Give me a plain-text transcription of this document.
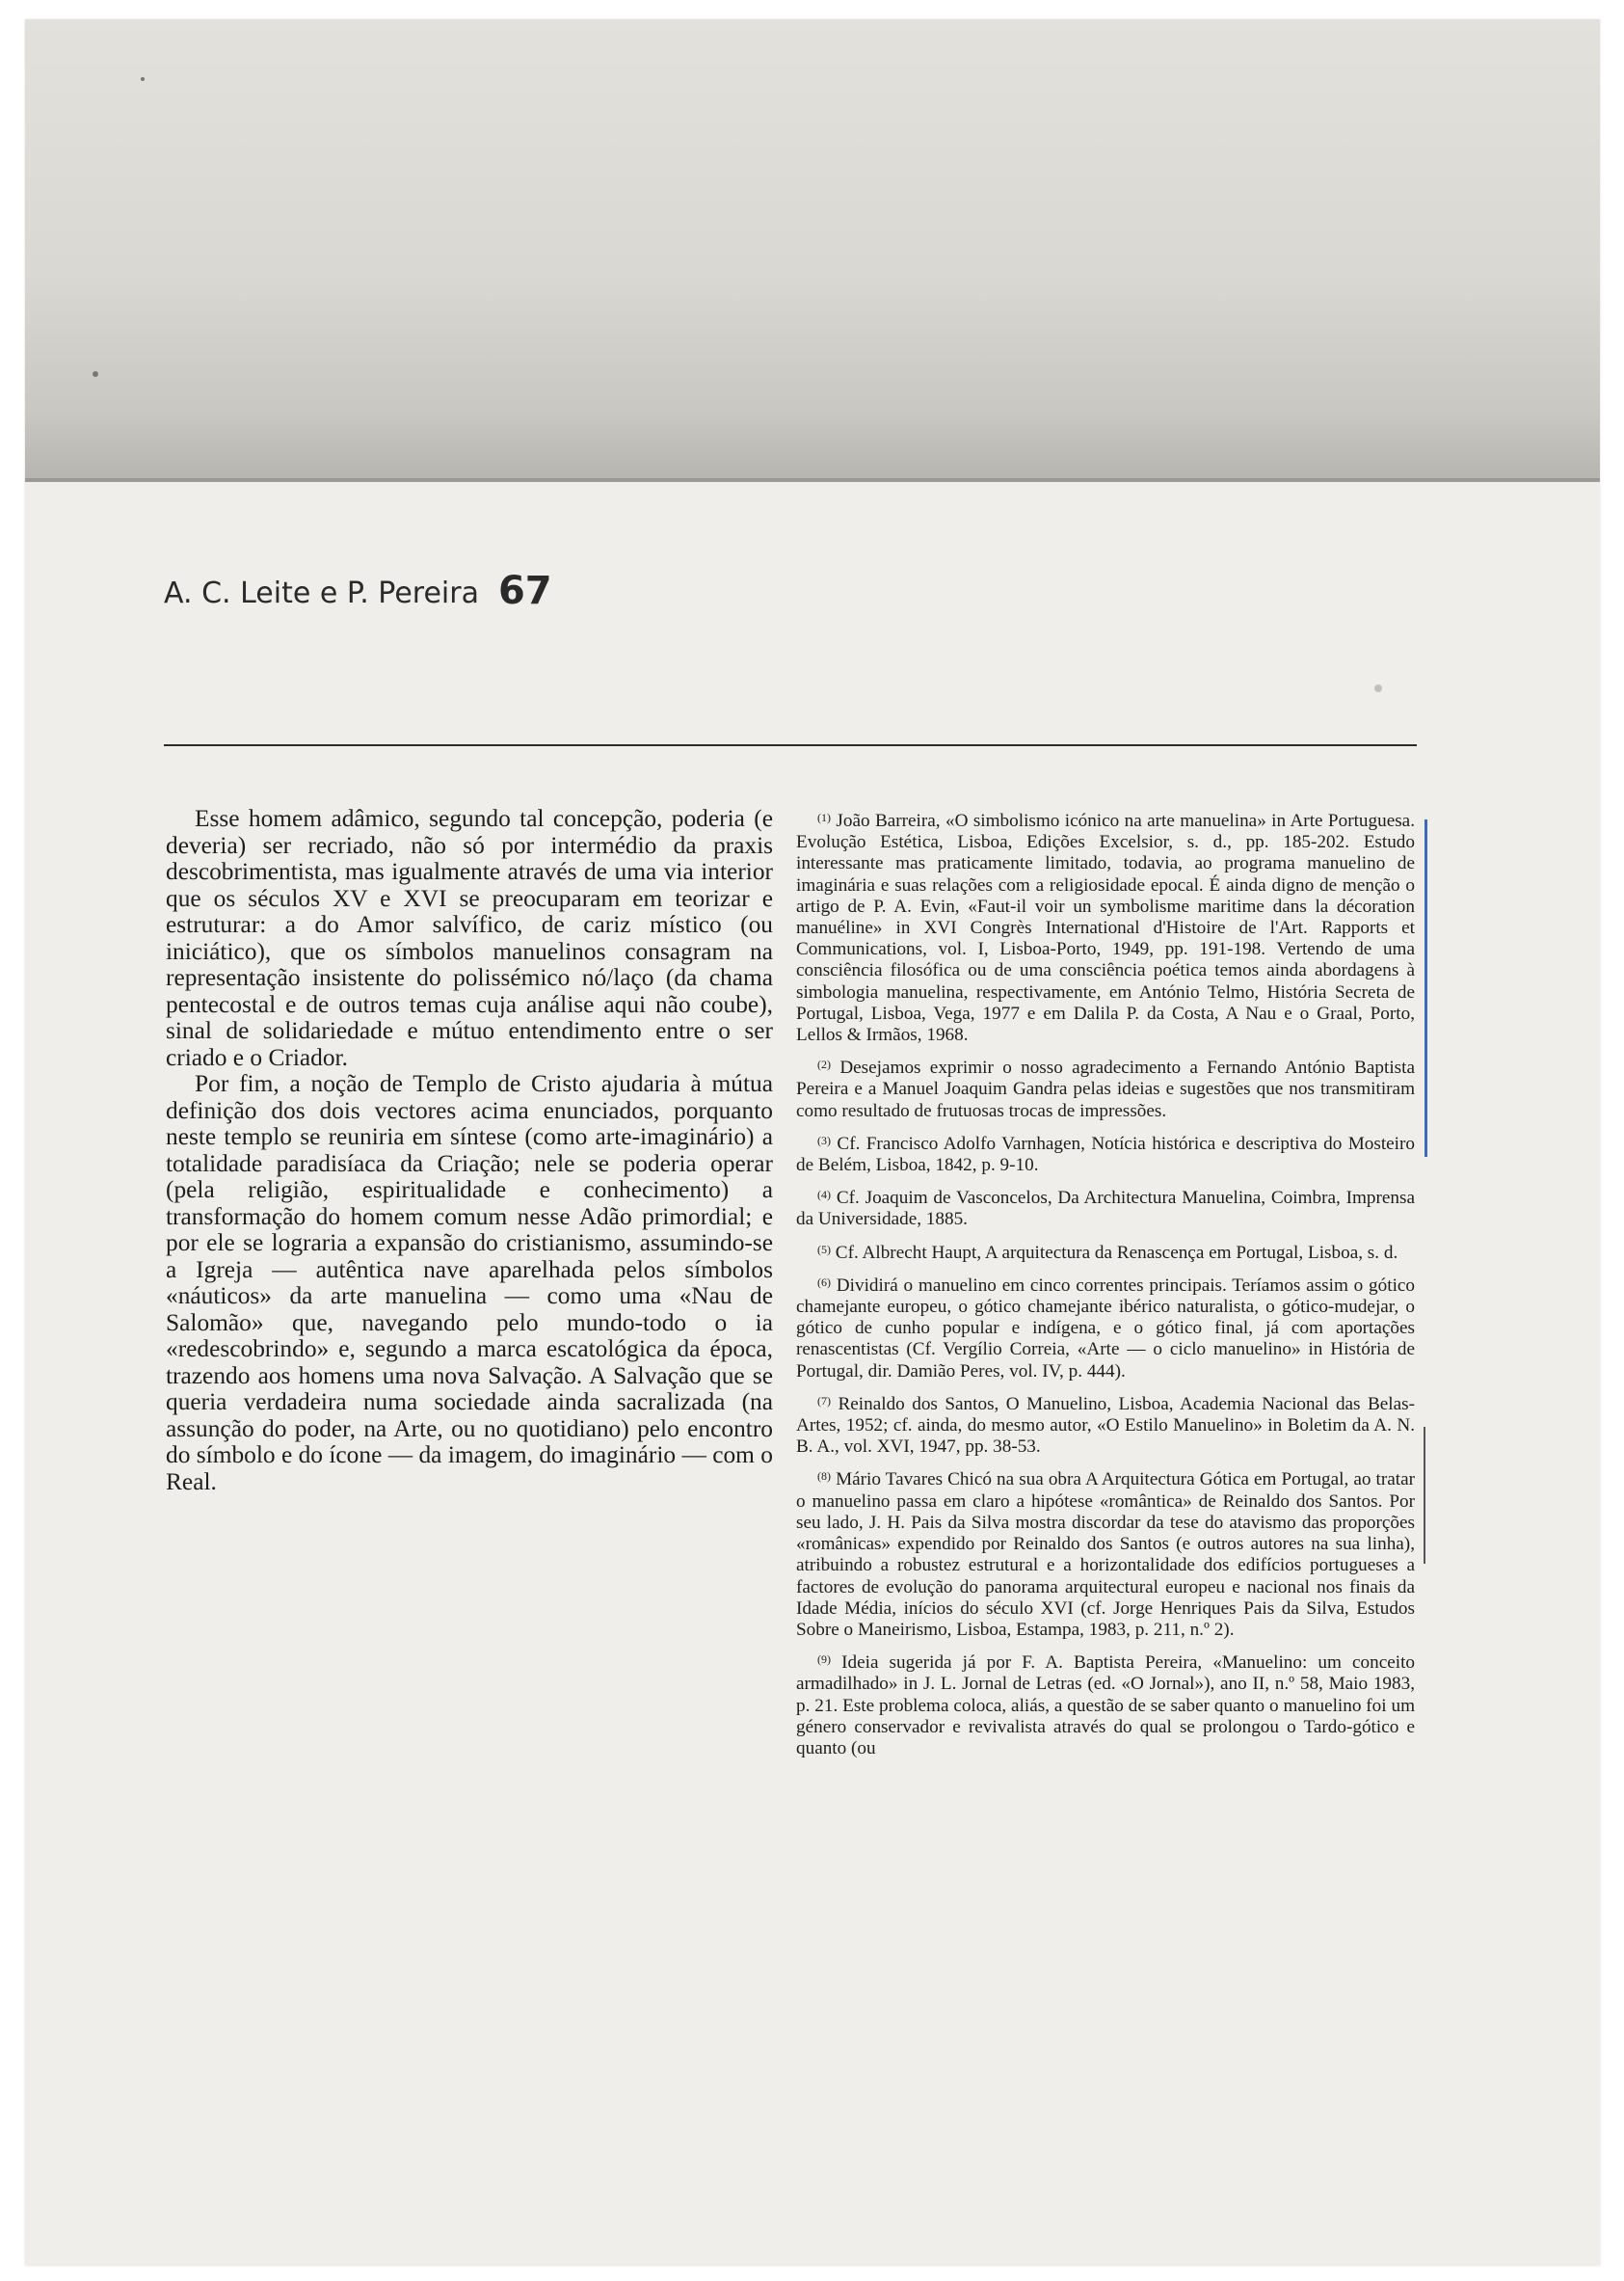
A. C. Leite e P. Pereira 67

Esse homem adâmico, segundo tal concepção, poderia (e deveria) ser recriado, não só por intermédio da praxis descobrimentista, mas igualmente através de uma via interior que os séculos XV e XVI se preocuparam em teorizar e estruturar: a do Amor salvífico, de cariz místico (ou iniciático), que os símbolos manuelinos consagram na representação insistente do polissémico nó/laço (da chama pentecostal e de outros temas cuja análise aqui não coube), sinal de solidariedade e mútuo entendimento entre o ser criado e o Criador.

Por fim, a noção de Templo de Cristo ajudaria à mútua definição dos dois vectores acima enunciados, porquanto neste templo se reuniria em síntese (como arte-imaginário) a totalidade paradisíaca da Criação; nele se poderia operar (pela religião, espiritualidade e conhecimento) a transformação do homem comum nesse Adão primordial; e por ele se lograria a expansão do cristianismo, assumindo-se a Igreja — autêntica nave aparelhada pelos símbolos «náuticos» da arte manuelina — como uma «Nau de Salomão» que, navegando pelo mundo-todo o ia «redescobrindo» e, segundo a marca escatológica da época, trazendo aos homens uma nova Salvação. A Salvação que se queria verdadeira numa sociedade ainda sacralizada (na assunção do poder, na Arte, ou no quotidiano) pelo encontro do símbolo e do ícone — da imagem, do imaginário — com o Real.

$^{(1)}$ João Barreira, «O simbolismo icónico na arte manuelina» in Arte Portuguesa. Evolução Estética, Lisboa, Edições Excelsior, s. d., pp. 185-202. Estudo interessante mas praticamente limitado, todavia, ao programa manuelino de imaginária e suas relações com a religiosidade epocal. É ainda digno de menção o artigo de P. A. Evin, «Faut-il voir un symbolisme maritime dans la décoration manuéline» in XVI Congrès International d'Histoire de l'Art. Rapports et Communications, vol. I, Lisboa-Porto, 1949, pp. 191-198. Vertendo de uma consciência filosófica ou de uma consciência poética temos ainda abordagens à simbologia manuelina, respectivamente, em António Telmo, História Secreta de Portugal, Lisboa, Vega, 1977 e em Dalila P. da Costa, A Nau e o Graal, Porto, Lellos & Irmãos, 1968.

$^{(2)}$ Desejamos exprimir o nosso agradecimento a Fernando António Baptista Pereira e a Manuel Joaquim Gandra pelas ideias e sugestões que nos transmitiram como resultado de frutuosas trocas de impressões.

$^{(3)}$ Cf. Francisco Adolfo Varnhagen, Notícia histórica e descriptiva do Mosteiro de Belém, Lisboa, 1842, p. 9-10.

$^{(4)}$ Cf. Joaquim de Vasconcelos, Da Architectura Manuelina, Coimbra, Imprensa da Universidade, 1885.

$^{(5)}$ Cf. Albrecht Haupt, A arquitectura da Renascença em Portugal, Lisboa, s. d.

$^{(6)}$ Dividirá o manuelino em cinco correntes principais. Teríamos assim o gótico chamejante europeu, o gótico chamejante ibérico naturalista, o gótico-mudejar, o gótico de cunho popular e indígena, e o gótico final, já com aportações renascentistas (Cf. Vergílio Correia, «Arte — o ciclo manuelino» in História de Portugal, dir. Damião Peres, vol. IV, p. 444).

$^{(7)}$ Reinaldo dos Santos, O Manuelino, Lisboa, Academia Nacional das Belas-Artes, 1952; cf. ainda, do mesmo autor, «O Estilo Manuelino» in Boletim da A. N. B. A., vol. XVI, 1947, pp. 38-53.

$^{(8)}$ Mário Tavares Chicó na sua obra A Arquitectura Gótica em Portugal, ao tratar o manuelino passa em claro a hipótese «romântica» de Reinaldo dos Santos. Por seu lado, J. H. Pais da Silva mostra discordar da tese do atavismo das proporções «românicas» expendido por Reinaldo dos Santos (e outros autores na sua linha), atribuindo a robustez estrutural e a horizontalidade dos edifícios portugueses a factores de evolução do panorama arquitectural europeu e nacional nos finais da Idade Média, inícios do século XVI (cf. Jorge Henriques Pais da Silva, Estudos Sobre o Maneirismo, Lisboa, Estampa, 1983, p. 211, n.º 2).

$^{(9)}$ Ideia sugerida já por F. A. Baptista Pereira, «Manuelino: um conceito armadilhado» in J. L. Jornal de Letras (ed. «O Jornal»), ano II, n.º 58, Maio 1983, p. 21. Este problema coloca, aliás, a questão de se saber quanto o manuelino foi um género conservador e revivalista através do qual se prolongou o Tardo-gótico e quanto (ou
